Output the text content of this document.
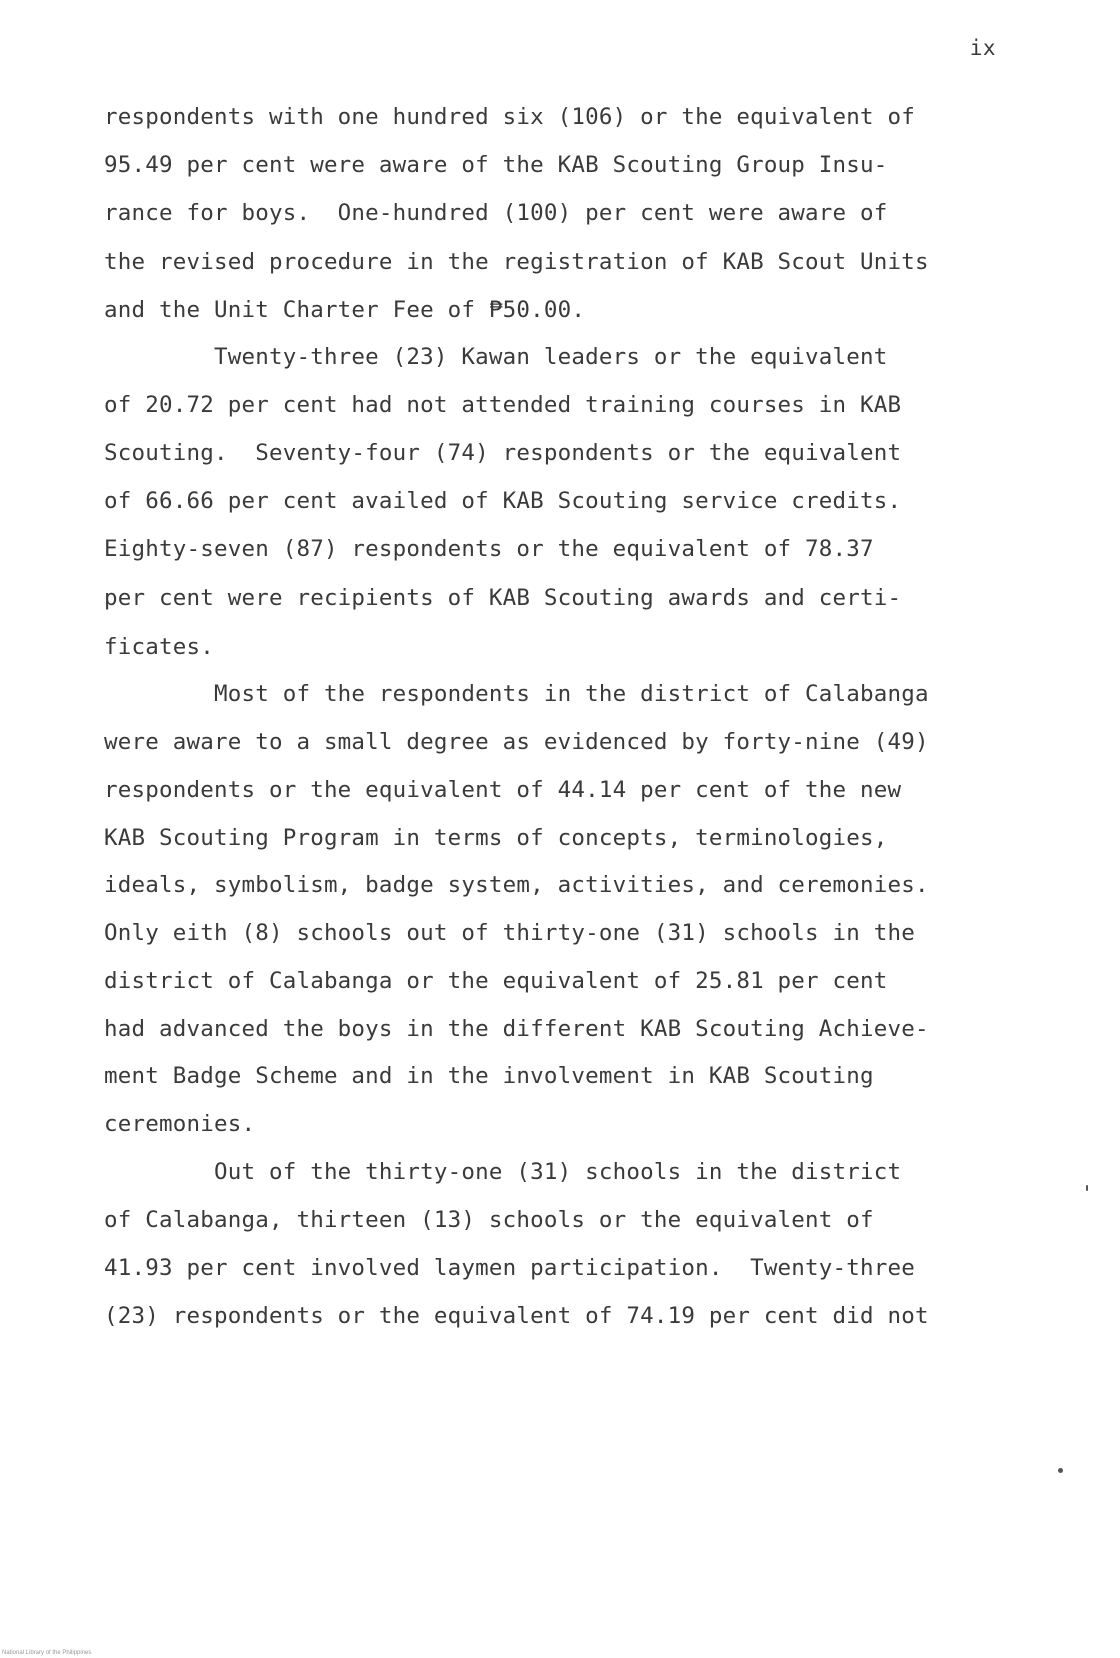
ix
respondents with one hundred six (106) or the equivalent of
95.49 per cent were aware of the KAB Scouting Group Insu-
rance for boys.  One-hundred (100) per cent were aware of
the revised procedure in the registration of KAB Scout Units
and the Unit Charter Fee of ₱50.00.
Twenty-three (23) Kawan leaders or the equivalent
of 20.72 per cent had not attended training courses in KAB
Scouting.  Seventy-four (74) respondents or the equivalent
of 66.66 per cent availed of KAB Scouting service credits.
Eighty-seven (87) respondents or the equivalent of 78.37
per cent were recipients of KAB Scouting awards and certi-
ficates.
Most of the respondents in the district of Calabanga
were aware to a small degree as evidenced by forty-nine (49)
respondents or the equivalent of 44.14 per cent of the new
KAB Scouting Program in terms of concepts, terminologies,
ideals, symbolism, badge system, activities, and ceremonies.
Only eith (8) schools out of thirty-one (31) schools in the
district of Calabanga or the equivalent of 25.81 per cent
had advanced the boys in the different KAB Scouting Achieve-
ment Badge Scheme and in the involvement in KAB Scouting
ceremonies.
Out of the thirty-one (31) schools in the district
of Calabanga, thirteen (13) schools or the equivalent of
41.93 per cent involved laymen participation.  Twenty-three
(23) respondents or the equivalent of 74.19 per cent did not
National Library of the Philippines
